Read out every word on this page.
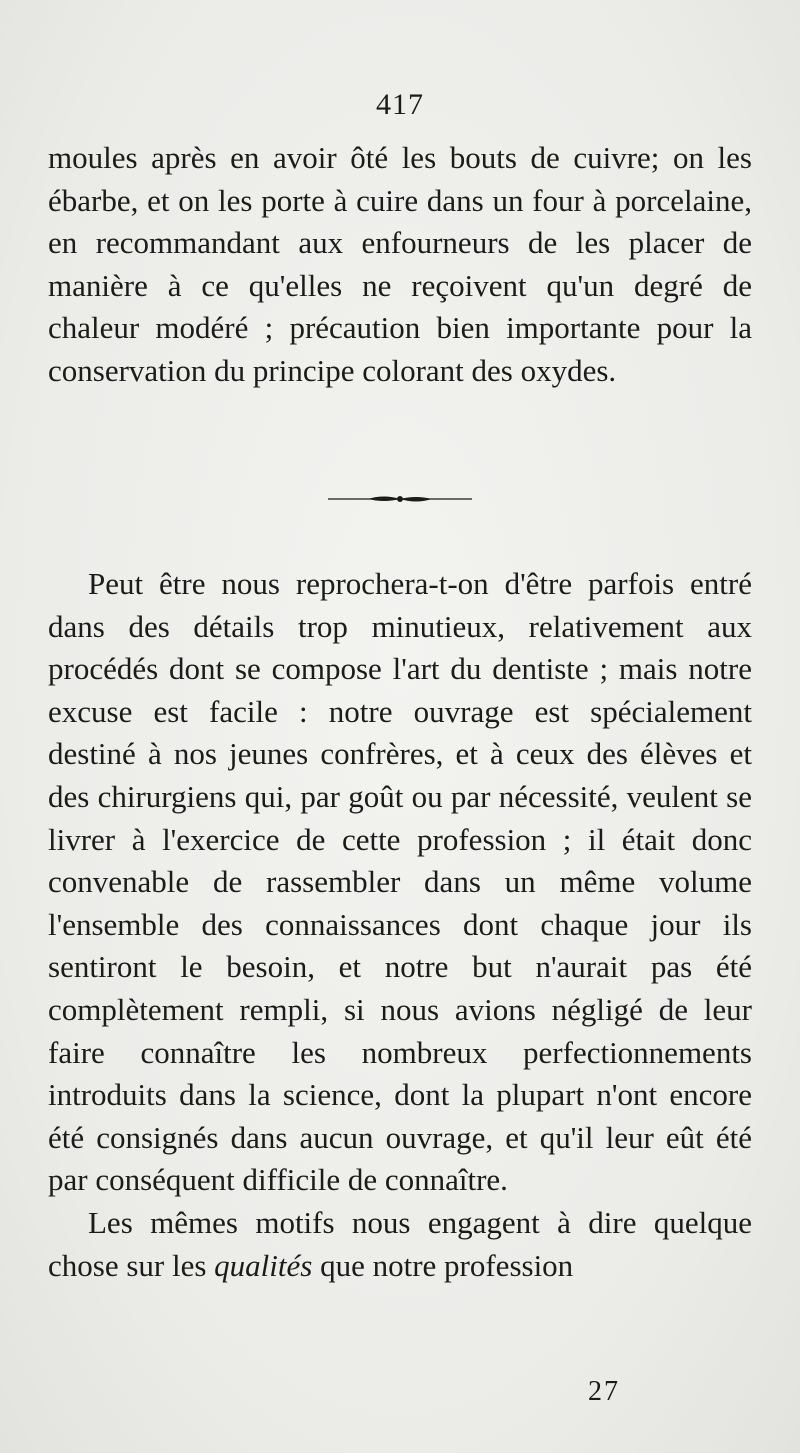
417

moules après en avoir ôté les bouts de cuivre; on les ébarbe, et on les porte à cuire dans un four à porcelaine, en recommandant aux enfourneurs de les placer de manière à ce qu'elles ne reçoivent qu'un degré de chaleur modéré ; précaution bien importante pour la conservation du principe colorant des oxydes.

Peut être nous reprochera-t-on d'être parfois entré dans des détails trop minutieux, relativement aux procédés dont se compose l'art du dentiste ; mais notre excuse est facile : notre ouvrage est spécialement destiné à nos jeunes confrères, et à ceux des élèves et des chirurgiens qui, par goût ou par nécessité, veulent se livrer à l'exercice de cette profession ; il était donc convenable de rassembler dans un même volume l'ensemble des connaissances dont chaque jour ils sentiront le besoin, et notre but n'aurait pas été complètement rempli, si nous avions négligé de leur faire connaître les nombreux perfectionnements introduits dans la science, dont la plupart n'ont encore été consignés dans aucun ouvrage, et qu'il leur eût été par conséquent difficile de connaître.

Les mêmes motifs nous engagent à dire quelque chose sur les qualités que notre profession

27
